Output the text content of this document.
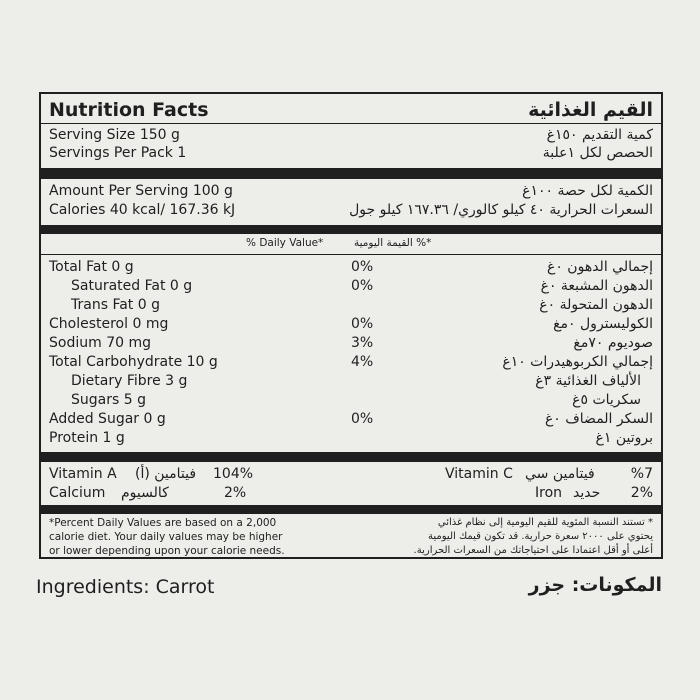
Nutrition Facts	القيم الغذائية
Serving Size 150 g	كمية التقديم ١٥٠غ
Servings Per Pack 1	الحصص لكل ١علبة
Amount Per Serving 100 g	الكمية لكل حصة ١٠٠غ
Calories 40 kcal/ 167.36 kJ	السعرات الحرارية ٤٠ كيلو كالوري/ ١٦٧.٣٦ كيلو جول
% Daily Value*	القيمة اليومية %*
Total Fat 0 g	0%	إجمالي الدهون ٠غ
Saturated Fat 0 g	0%	الدهون المشبعة ٠غ
Trans Fat 0 g	الدهون المتحولة ٠غ
Cholesterol 0 mg	0%	الكوليسترول ٠مغ
Sodium 70 mg	3%	صوديوم ٧٠مغ
Total Carbohydrate 10 g	4%	إجمالي الكربوهيدرات ١٠غ
Dietary Fibre 3 g	الألياف الغذائية ٣غ
Sugars 5 g	سكريات ٥غ
Added Sugar 0 g	0%	السكر المضاف ٠غ
Protein 1 g	بروتين ١غ
Vitamin A فيتامين (أ) 104%	Vitamin C فيتامين سي	%7
Calcium كالسيوم	2%	Iron حديد 2%
*Percent Daily Values are based on a 2,000
calorie diet. Your daily values may be higher
or lower depending upon your calorie needs.
* تستند النسبة المئوية للقيم اليومية إلى نظام غذائي
يحتوي على ٢٠٠٠ سعرة حرارية. قد تكون قيمك اليومية
أعلى أو أقل اعتمادا على احتياجاتك من السعرات الحرارية.
Ingredients: Carrot	المكونات: جزر
